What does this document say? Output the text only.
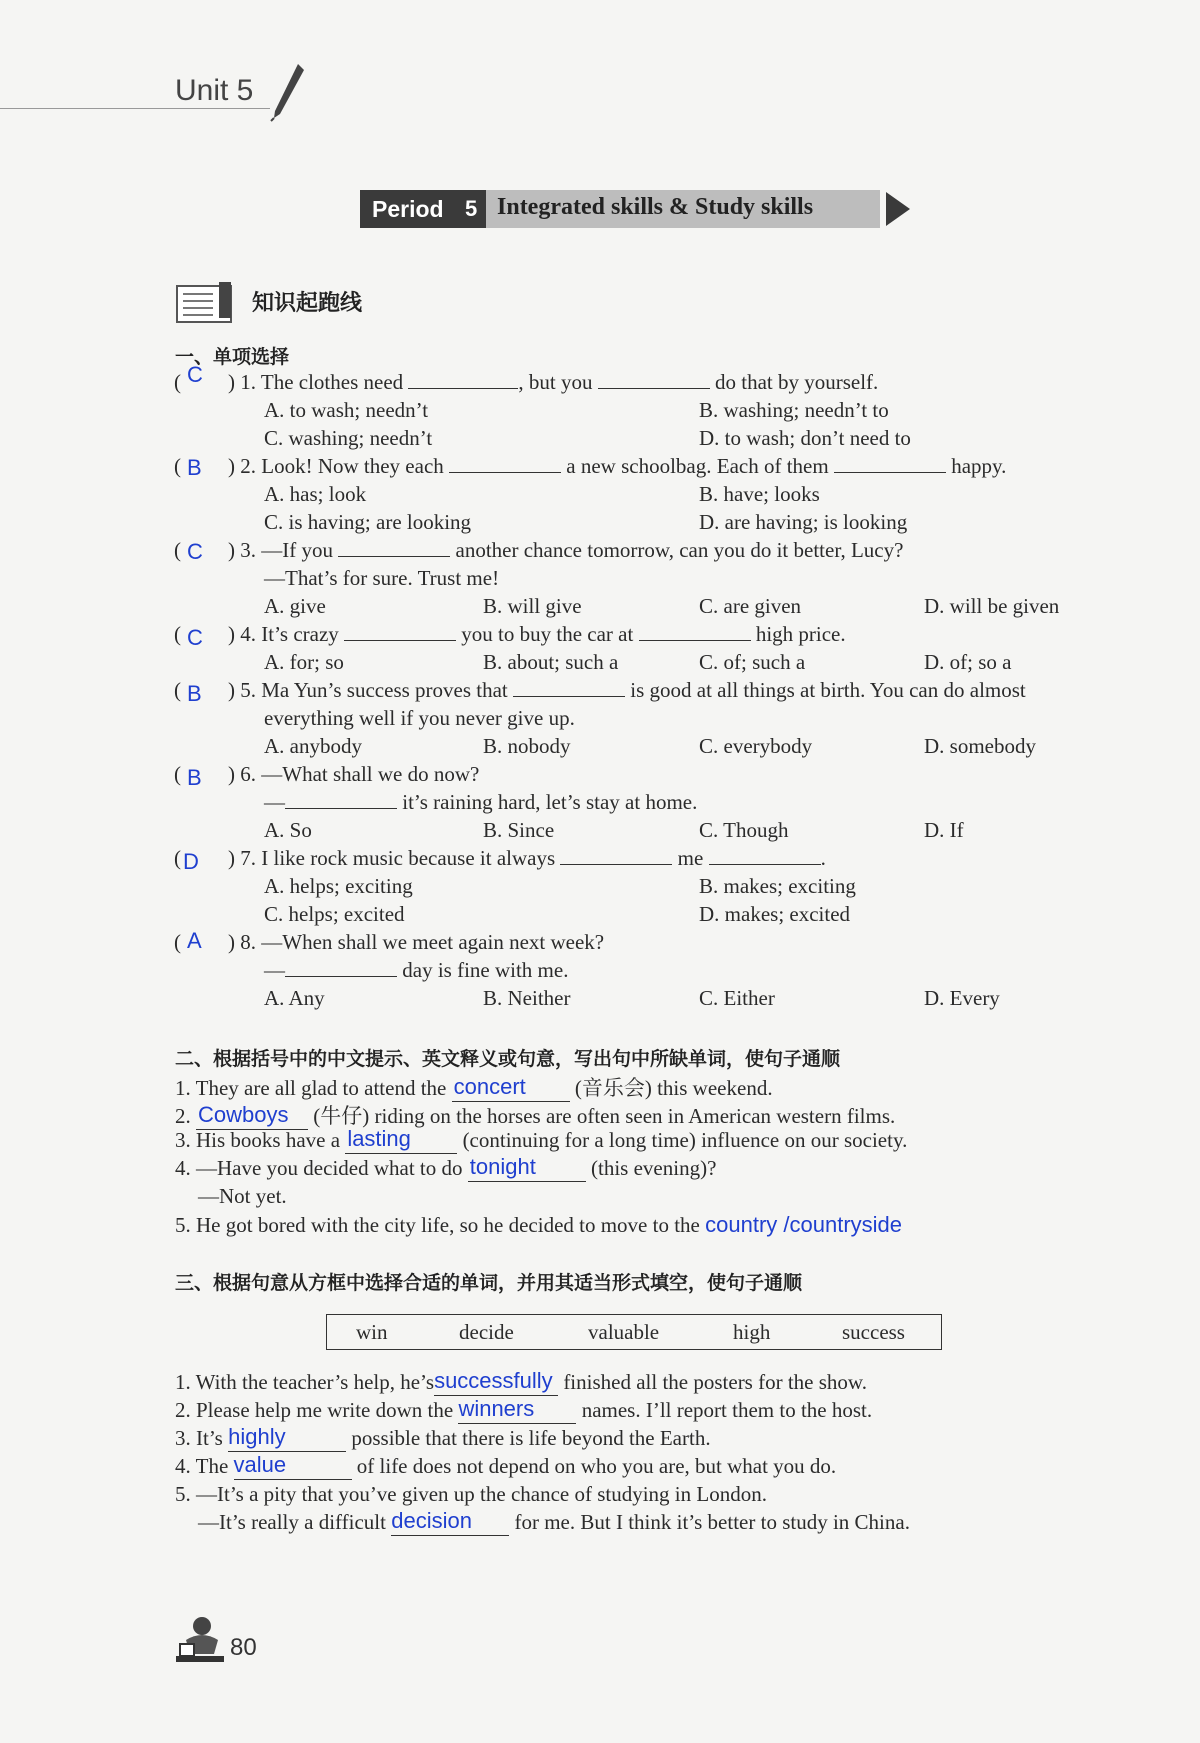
Unit 5
Period 5 Integrated skills & Study skills
知识起跑线
一、单项选择
( C ) 1. The clothes need	, but you	do that by yourself.
A. to wash; needn’t	B. washing; needn’t to
C. washing; needn’t	D. to wash; don’t need to
( B ) 2. Look! Now they each	a new schoolbag. Each of them	happy.
A. has; look	B. have; looks
C. is having; are looking	D. are having; is looking
( C ) 3. —If you	another chance tomorrow, can you do it better, Lucy?
—That’s for sure. Trust me!
A. give	B. will give	C. are given	D. will be given
( C ) 4. It’s crazy	you to buy the car at	high price.
A. for; so	B. about; such a	C. of; such a	D. of; so a
( B ) 5. Ma Yun’s success proves that	is good at all things at birth. You can do almost
everything well if you never give up.
A. anybody	B. nobody	C. everybody	D. somebody
( B ) 6. —What shall we do now?
—	it’s raining hard, let’s stay at home.
A. So	B. Since	C. Though	D. If
( D ) 7. I like rock music because it always	me	.
A. helps; exciting	B. makes; exciting
C. helps; excited	D. makes; excited
( A ) 8. —When shall we meet again next week?
—	day is fine with me.
A. Any	B. Neither	C. Either	D. Every
二、根据括号中的中文提示、英文释义或句意，写出句中所缺单词，使句子通顺
1. They are all glad to attend the concert (音乐会) this weekend.
2. Cowboys (牛仔) riding on the horses are often seen in American western films.
3. His books have a lasting (continuing for a long time) influence on our society.
4. —Have you decided what to do tonight	(this evening)?
—Not yet.
5. He got bored with the city life, so he decided to move to the country /countryside
三、根据句意从方框中选择合适的单词，并用其适当形式填空，使句子通顺
win	decide	valuable	high	success
1. With the teacher’s help, he’s successfully finished all the posters for the show.
2. Please help me write down the winners names. I’ll report them to the host.
3. It’s highly	possible that there is life beyond the Earth.
4. The value	of life does not depend on who you are, but what you do.
5. —It’s a pity that you’ve given up the chance of studying in London.
—It’s really a difficult decision for me. But I think it’s better to study in China.
80
